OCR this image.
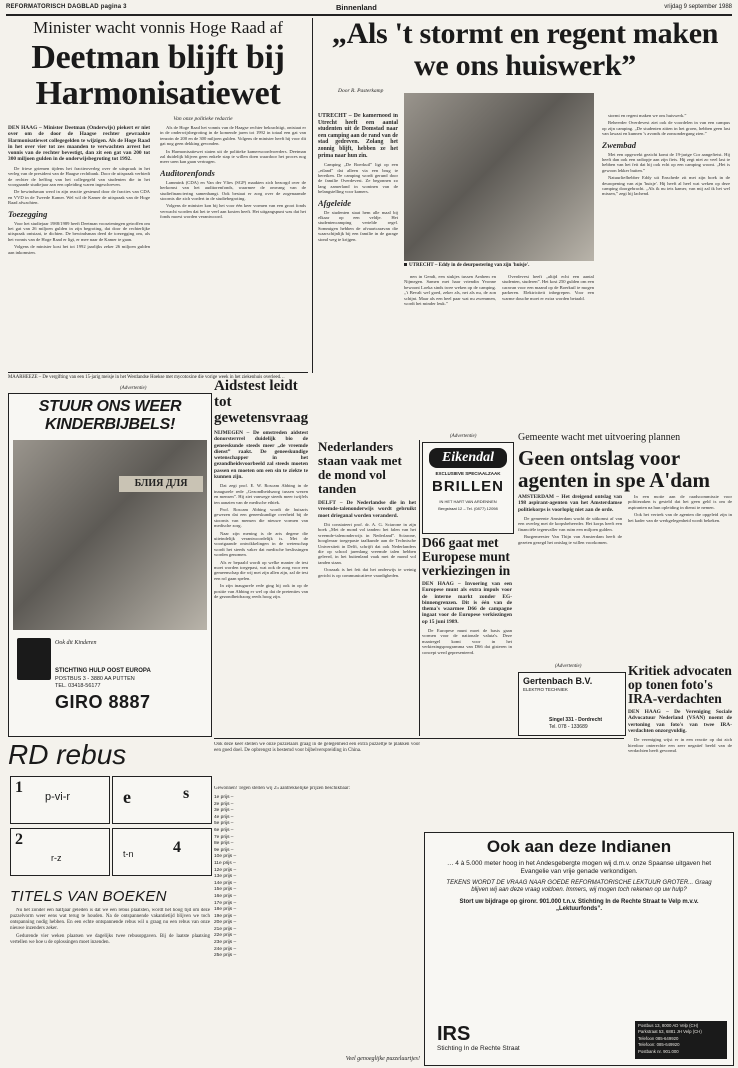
REFORMATORISCH DAGBLAD pagina 3	Binnenland	vrijdag 9 september 1988
Minister wacht vonnis Hoge Raad af
Deetman blijft bij Harmonisatiewet
Van onze politieke redactie
DEN HAAG – Minister Deetman (Onderwijs) piekert er niet over om de door de Haagse rechter gewraakte Harmonisatiewet collegegelden te wijzigen. Als de Hoge Raad in het over vier tot zes maanden te verwachten arrest het vonnis van de rechter bevestigt, dan zit een gat van 200 tot 300 miljoen gulden in de onderwijsbegroting tot 1992.

De friese griemen tijdens het fractieoverleg over de uitspraak in het verleg van de president van de Haagse rechtbank. Door de uitspraak verbiedt de rechter de heffing van het collegegeld van studenten die in het voorgaande studiejaar aan een opleiding waren ingeschreven.

De bewindsman werd in zijn reactie gesteund door de fracties van CDA en VVD in de Tweede Kamer. Wel wil de Kamer de uitspraak van de Hoge Raad afwachten.

Toezegging

Voor het studiejaar 1988/1989 heeft Deetman voorzieningen getroffen om het gat van 26 miljoen gulden in zijn begroting, dat door de rechterlijke uitspraak ontstaat, te dichten. De bewindsman deed de toezegging om, als het vonnis van de Hoge Raad er ligt, er mee naar de Kamer te gaan.

Volgens de minister kost het tot 1992 jaarlijks zeker 26 miljoen gulden aan inkomsten.

Als de Hoge Raad het vonnis van de Haagse rechter bekrachtigt, ontstaat er in de onderwijsbegroting in de komende jaren tot 1992 in totaal een gat van tenzoin de 200 en de 300 miljoen gulden. Volgens de minister heeft hij voor dit gat nog geen dekking gevonden.

In Harmonisatiewet staten uit de politieke kamerwoordvoerders. Deetman zal duidelijk blijven geen enkele stap te willen doen waardoor het proces nog meer uren kan gaan vertragen.

Auditorenfonds

Lammink (CDA) en Van der Vlies (SGP) maakten zich bezorgd over de herkomst van het auditorenfonds, waarmee de omvang van de studiefinanciering samenhangt. Ook bestaat er zorg over de zogenaamde stoornis die zich vordert in de studiebegroting.

Volgens de minister kon bij het voor één keer vormen van een groot fonds verwacht worden dat het te veel aan kosten heeft. Het uitgangspunt was dat het fonds moest worden verantwoord.

MAARHEEZE – De vergifting van een 15-jarig meisje in het Westlandse Hoekse met mycotoxine die vorige week in het ziekenhuis overleed…
„Als 't stormt en regent maken we ons huiswerk”
Door R. Pasterkamp
UTRECHT – De kamernood in Utrecht heeft een aantal studenten uit de Domstad naar een camping aan de rand van de stad gedreven. Zolang het zonnig blijft, hebben ze het prima naar hun zin.

Camping „De Boerkuil” ligt op een „eiland” dat alleen via een brug te bereiken. De camping wordt gerund door de familie Overdevest. Ze begonnen zo lang zamerland in woninen van de belangstelling voor kamers.

Afgeleide

De studenten staat hem alle maal bij elkaar op een veldje. Het studentencamping vertelde regel. Sommigen hebben de afvaartcaravan die waarschijnlijk bij een familie in de garage stond weg te krijgen.

UTRECHT – Eddy in de deurpostering van zijn 'huisje'.

nen in Gendt, een stukjes tussen Arnhem en Nijmegen. Samen met haar vriendin Yvonne bewoont Loeka sinds twee weken op de camping. „'t Bevalt wel goed, zeker als, net als nu, de zon schijnt. Maar als een heel paar wat nu zwemmen, wordt het minder leuk.”

Overdevest heeft „altijd echt een aantal studenten, studeren”. Het kost 250 gulden om een caravan voor een maand op de Boerkuil te mogen parkeren. Elektriciteit inbegrepen. Voor een warme douche moet er extra worden betaald.

stormt en regent maken we ons huiswerk.”

Beheerder Overdevest ziet ook de voordelen in van een campus op zijn camping. „De studenten zitten in het groen, hebben geen last van lawaai en kunnen ’s avonds de zonsondergang zien.”

Zwembad

Met een opgewekt gezicht komt de 19-jarige Cor aangefietst. Hij heeft dan ook een radiopje aan zijn fiets. Hij zegt niet zo veel last te hebben van het feit dat hij ook echt op een camping woont. „Het is gewoon lekker buiten.”

Natuurliefhebber Eddy uit Enschede zit met zijn boek in de deuropening van zijn 'huisje'. Hij heeft al heel wat weken op deze camping doorgebracht. „Als ik nu iets kamer, van mij zal ik het wel missen,” zegt hij lachend.

(Advertentie)
STUUR ONS WEER KINDERBIJBELS!
БЛИЯ ДЛЯ
Ook dit Kinderen
STICHTING HULP OOST EUROPA
POSTBUS 3 - 3880 AA PUTTEN
TEL. 03418-56177
GIRO 8887
Aidstest leidt tot gewetensvraag
NIJMEGEN – De omstreden aidstest donorsterrrel duidelijk bio de geneeskunde steeds meer „de vreemde dienst” raakt. De geneeskundige wetenschapper in het gezondheidsvoorbeeld zal steeds moeten passen en moeten om een sin te ziekte te kunnen zijn.

Dat zegt prof. E. W. Roscam Abbing in de inaugurele rede „Gezondheidszorg tussen wezen en mensen”. Hij ziet vanwege steeds meer twijfels ten aanzien van de medische ethiek.

Prof. Roscam Abbing wordt de huisarts gewezen dat een geneeskundige overheid bij de stoornis van mensen die nieuwe vormen van medische zorg.

Naar zijn mening is de arts degene die uiteindelijk verantwoordelijk is. Met de voortgaande ontwikkelingen in de wetenschap wordt het steeds vaker dat medische beslissingen worden genomen.

Als er bepaald wordt op welke manier de test moet worden toegepast, wat ook de zorg voor een gemeenschap die wij met zijn allen zijn, zal de test een rol gaan spelen.

In zijn inaugurele rede ging hij ook in op de positie van Abbing er wel op dat de pretenties van de gezondheidszorg reeds hoog zijn.

Nederlanders staan vaak met de mond vol tanden
DELFT – De Nederlandse die in het vreemde-talenonderwijs wordt gebruikt moet drieganal worden veranderd.

Dit constateert prof. dr. A. G. Sciarone in zijn boek „Met de mond vol tanden: het falen van het vreemde-talenonderwijs in Nederland”. Sciarone, hoogleraar toegepaste taalkunde aan de Technische Universiteit in Delft, schrijft dat ook Nederlanders die op school jarenlang vreemde talen hebben geleerd, in het buitenland vaak met de mond vol tanden staan.

Oorzaak is het feit dat het onderwijs te weinig gericht is op communicatieve vaardigheden.

(Advertentie)
Eikendal
EXCLUSIEVE SPECIAALZAAK
BRILLEN
IN HET HART VAN ARDENNEN
Bergstraat 12 – Tel. (0877) 12098
D66 gaat met Europese munt verkiezingen in
DEN HAAG – Invoering van een Europese munt als extra impuls voor de interne markt zonder EG-binnengrenzen. Dit is één van de thema's waarmee D66 de campagne ingaat voor de Europese verkiezingen op 15 juni 1989.

De Europese munt moet de basis gaan vormen voor de nationale valuta's. Deze maatregel komt voor in het verkiezingsprogramma van D66 dat gisteren in concept werd gepresenteerd.

Gemeente wacht met uitvoering plannen
Geen ontslag voor agenten in spe A'dam
AMSTERDAM – Het dreigend ontslag van 198 aspirant-agenten van het Amsterdamse politiekorps is voorlopig niet aan de orde.

De gemeente Amsterdam wacht de uitkomst af van een overleg met de korpsbeheerder. Het korps heeft een financiële tegenvaller van ruim een miljoen gulden.

Burgemeester Van Thijn van Amsterdam heeft de gezeten gezegd het ontslag te willen voorkomen.

In een motie aan de raadscommissie voor politiezaken is gesteld dat het geen geld is om de aspiranten na hun opleiding in dienst te nemen.

Ook het vertrek van de agenten die opgeleid zijn in het kader van de werkgelegenheid wordt bekeken.

Kritiek advocaten op tonen foto's IRA-verdachten
DEN HAAG – De Vereniging Sociale Advocatuur Nederland (VSAN) noemt de vertoning van foto's van twee IRA-verdachten onzorgvuldig.

De vereniging wijst er in een reactie op dat zich hierdoor onterechte een zeer negatief beeld van de verdachten heeft gevormd.

(Advertentie)
Gertenbach B.V.
ELEKTRO TECHNIEK
Singel 331 - Dordrecht
Tel. 078 - 133689
RD rebus
1
p-vi-r	e	s
2
r-z	t-n 4
TITELS VAN BOEKEN

Nu het zonder een halfjaar geleden is dat we een rebus plaatsten, wordt het hoog tijd om deze puzzelvorm weer eens wat terug te houden. Na de ontspannende vakantietijd blijven we toch ontspanning nodig hebben. En een echte ontspannende rebus wil u graag nu een rebus van onze nieuwe inzenders zeker.

Gedurende vier weken plaatsen we dagelijks twee rebusopgaven. Bij de laatste plaatsing vertellen we hoe u de oplossingen moet inzenden.

Ook deze keer stellen we onze puzzelaars graag in de gelegenheid een extra puzzeltje te plakken voor een goed doel. De opbrengst is bestemd voor bijbelverspreiding in China.
Gewonnen! Tegen stellen wij 25 aantrekkelijke prijzen beschikbaar:
1e prijs –
2e prijs –
3e prijs –
4e prijs –
5e prijs –
6e prijs –
7e prijs –
8e prijs –
9e prijs –
10e prijs –
11e prijs –
12e prijs –
13e prijs –
14e prijs –
15e prijs –
16e prijs –
17e prijs –
18e prijs –
19e prijs –
20e prijs –
21e prijs –
22e prijs –
23e prijs –
24e prijs –
25e prijs –
Veel genoeglijke puzzeluurtjes!
Ook aan deze Indianen
… 4 à 5.000 meter hoog in het Andesgebergte mogen wij d.m.v. onze Spaanse uitgaven het Evangelie van vrije genade verkondigen.
TEKENS WORDT DE VRAAG NAAR GOEDE REFORMATORISCHE LEKTUUR GROTER... Graag blijven wij aan deze vraag voldoen. Immers, wij mogen toch rekenen op uw hulp?
Stort uw bijdrage op gironr. 901.000 t.n.v. Stichting In de Rechte Straat te Velp m.v.v. „Lektuurfonds”.
IRS
Stichting In de Rechte Straat
Postbus 13, 8000 AD Velp (CH)
Parkstraat 53, 6881 JH Velp (CH)
Telefoon 085-649920
Telefoon: 085-649920
Postbank nr. 901.000
